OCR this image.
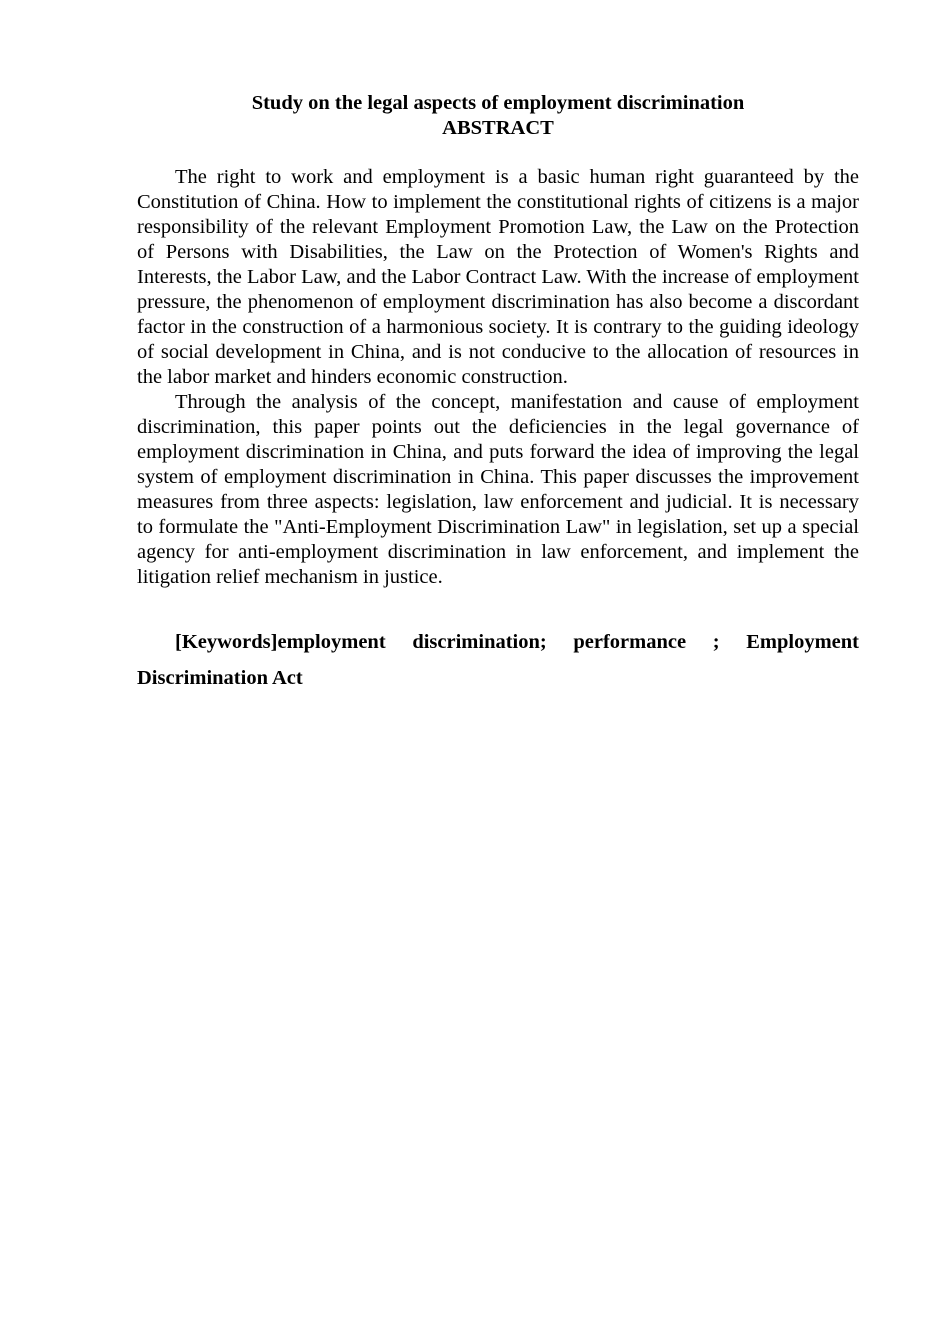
Study on the legal aspects of employment discrimination

ABSTRACT

The right to work and employment is a basic human right guaranteed by the Constitution of China. How to implement the constitutional rights of citizens is a major responsibility of the relevant Employment Promotion Law, the Law on the Protection of Persons with Disabilities, the Law on the Protection of Women's Rights and Interests, the Labor Law, and the Labor Contract Law. With the increase of employment pressure, the phenomenon of employment discrimination has also become a discordant factor in the construction of a harmonious society. It is contrary to the guiding ideology of social development in China, and is not conducive to the allocation of resources in the labor market and hinders economic construction.

Through the analysis of the concept, manifestation and cause of employment discrimination, this paper points out the deficiencies in the legal governance of employment discrimination in China, and puts forward the idea of improving the legal system of employment discrimination in China. This paper discusses the improvement measures from three aspects: legislation, law enforcement and judicial. It is necessary to formulate the "Anti-Employment Discrimination Law" in legislation, set up a special agency for anti-employment discrimination in law enforcement, and implement the litigation relief mechanism in justice.

[Keywords]employment discrimination; performance ; Employment Discrimination Act
